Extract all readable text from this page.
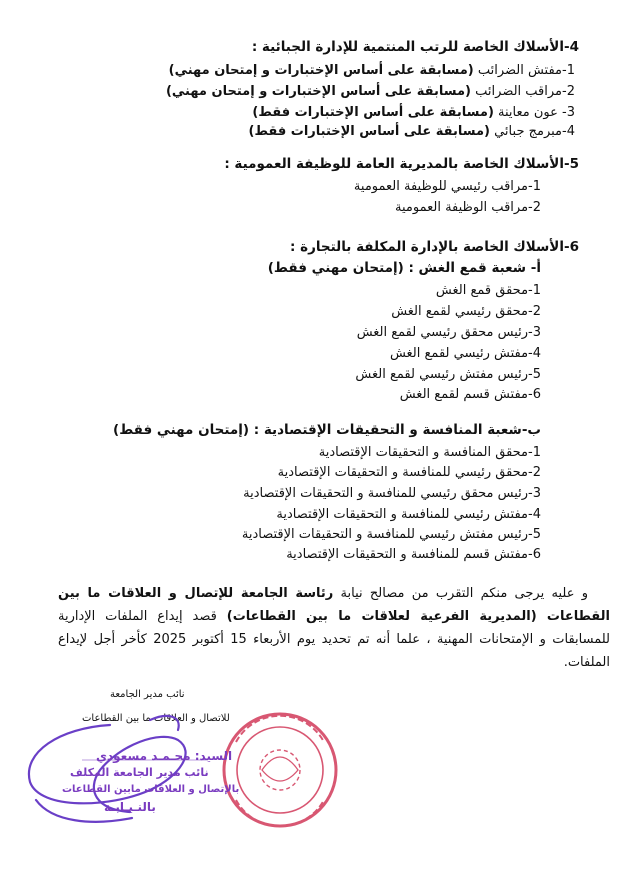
4-الأسلاك الخاصة للرتب المنتمية للإدارة الجبائية :
1-مفتش الضرائب (مسابقة على أساس الإختبارات و إمتحان مهني)
2-مراقب الضرائب (مسابقة على أساس الإختبارات و إمتحان مهني)
3- عون معاينة (مسابقة على أساس الإختبارات فقط)
4-مبرمج جبائي (مسابقة على أساس الإختبارات فقط)
5-الأسلاك الخاصة بالمديرية العامة للوظيفة العمومية :
1-مراقب رئيسي للوظيفة العمومية
2-مراقب الوظيفة العمومية
6-الأسلاك الخاصة بالإدارة المكلفة بالتجارة :
أ- شعبة قمع الغش : (إمتحان مهني فقط)
1-محقق قمع الغش
2-محقق رئيسي لقمع الغش
3-رئيس محقق رئيسي لقمع الغش
4-مفتش رئيسي لقمع الغش
5-رئيس مفتش رئيسي لقمع الغش
6-مفتش قسم لقمع الغش
ب-شعبة المنافسة و التحقيقات الإقتصادية : (إمتحان مهني فقط)
1-محقق المنافسة و التحقيقات الإقتصادية
2-محقق رئيسي للمنافسة و التحقيقات الإقتصادية
3-رئيس محقق رئيسي للمنافسة و التحقيقات الإقتصادية
4-مفتش رئيسي للمنافسة و التحقيقات الإقتصادية
5-رئيس مفتش رئيسي للمنافسة و التحقيقات الإقتصادية
6-مفتش قسم للمنافسة و التحقيقات الإقتصادية
و عليه يرجى منكم التقرب من مصالح نيابة رئاسة الجامعة للإتصال و العلاقات ما بين القطاعات (المديرية الفرعية لعلاقات ما بين القطاعات) قصد إيداع الملفات الإدارية للمسابقات و الإمتحانات المهنية ، علما أنه تم تحديد يوم الأربعاء 15 أكتوبر 2025 كأخر أجل لإيداع الملفات.
نائب مدير الجامعة
للاتصال و العلاقات ما بين القطاعات
السيد: محـمـد مسعودي
نائب مدير الجامعة المكلف
بالإتصال و العلاقات مابين القطاعات
بالنـيـابـة
